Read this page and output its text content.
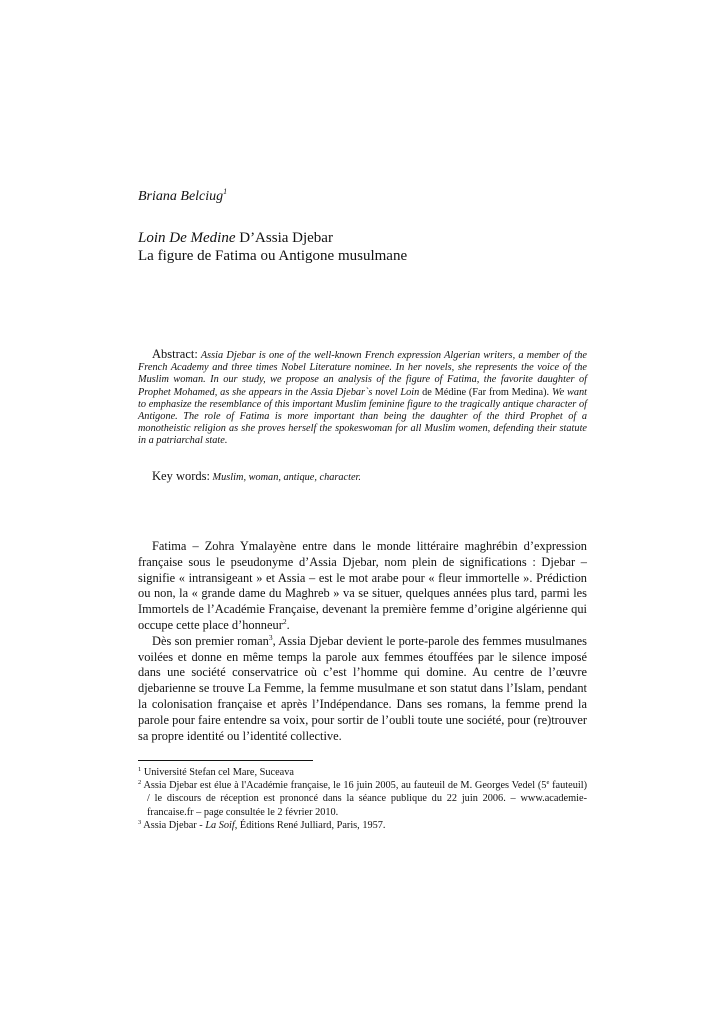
Briana Belciug$^1$

Loin De Medine D’Assia Djebar
La figure de Fatima ou Antigone musulmane

Abstract: Assia Djebar is one of the well-known French expression Algerian writers, a member of the French Academy and three times Nobel Literature nominee. In her novels, she represents the voice of the Muslim woman. In our study, we propose an analysis of the figure of Fatima, the favorite daughter of Prophet Mohamed, as she appears in the Assia Djebar`s novel Loin de Médine (Far from Medina). We want to emphasize the resemblance of this important Muslim feminine figure to the tragically antique character of Antigone. The role of Fatima is more important than being the daughter of the third Prophet of a monotheistic religion as she proves herself the spokeswoman for all Muslim women, defending their statute in a patriarchal state.

Key words: Muslim, woman, antique, character.

Fatima – Zohra Ymalayène entre dans le monde littéraire maghrébin d’expression française sous le pseudonyme d’Assia Djebar, nom plein de significations : Djebar – signifie « intransigeant » et Assia – est le mot arabe pour « fleur immortelle ». Prédiction ou non, la « grande dame du Maghreb » va se situer, quelques années plus tard, parmi les Immortels de l’Académie Française, devenant la première femme d’origine algérienne qui occupe cette place d’honneur$^2$.

Dès son premier roman$^3$, Assia Djebar devient le porte-parole des femmes musulmanes voilées et donne en même temps la parole aux femmes étouffées par le silence imposé dans une société conservatrice où c’est l’homme qui domine. Au centre de l’œuvre djebarienne se trouve La Femme, la femme musulmane et son statut dans l’Islam, pendant la colonisation française et après l’Indépendance. Dans ses romans, la femme prend la parole pour faire entendre sa voix, pour sortir de l’oubli toute une société, pour (re)trouver sa propre identité ou l’identité collective.

$^1$ Université Stefan cel Mare, Suceava
$^2$ Assia Djebar est élue à l'Académie française, le 16 juin 2005, au fauteuil de M. Georges Vedel (5e fauteuil) / le discours de réception est prononcé dans la séance publique du 22 juin 2006. – www.academie-francaise.fr – page consultée le 2 février 2010.
$^3$ Assia Djebar - La Soif, Éditions René Julliard, Paris, 1957.
